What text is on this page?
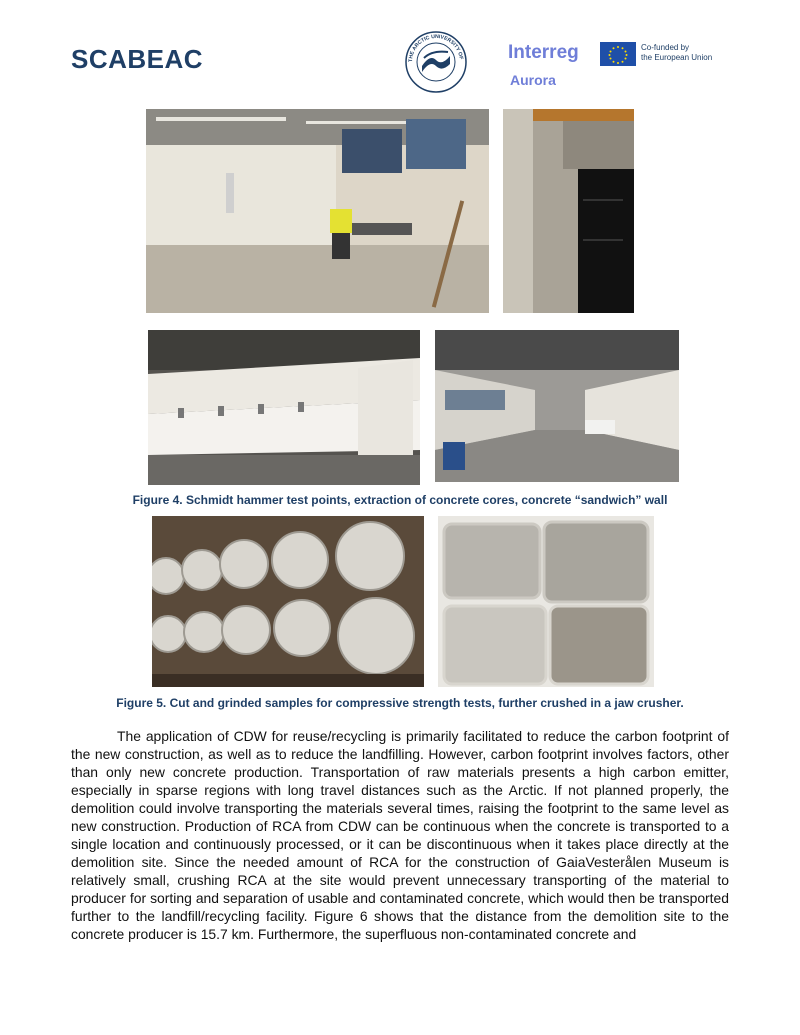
SCABEAC	THE ARCTIC UNIVERSITY OF Interreg
Aurora
Co-funded by
the European Union
Figure 4. Schmidt hammer test points, extraction of concrete cores, concrete “sandwich” wall
Figure 5. Cut and grinded samples for compressive strength tests, further crushed in a jaw crusher.
The application of CDW for reuse/recycling is primarily facilitated to reduce the carbon footprint of the new construction, as well as to reduce the landfilling. However, carbon footprint involves factors, other than only new concrete production. Transportation of raw materials presents a high carbon emitter, especially in sparse regions with long travel distances such as the Arctic. If not planned properly, the demolition could involve transporting the materials several times, raising the footprint to the same level as new construction. Production of RCA from CDW can be continuous when the concrete is transported to a single location and continuously processed, or it can be discontinuous when it takes place directly at the demolition site. Since the needed amount of RCA for the construction of GaiaVesterålen Museum is relatively small, crushing RCA at the site would prevent unnecessary transporting of the material to producer for sorting and separation of usable and contaminated concrete, which would then be transported further to the landfill/recycling facility. Figure 6 shows that the distance from the demolition site to the concrete producer is 15.7 km. Furthermore, the superfluous non-contaminated concrete and
